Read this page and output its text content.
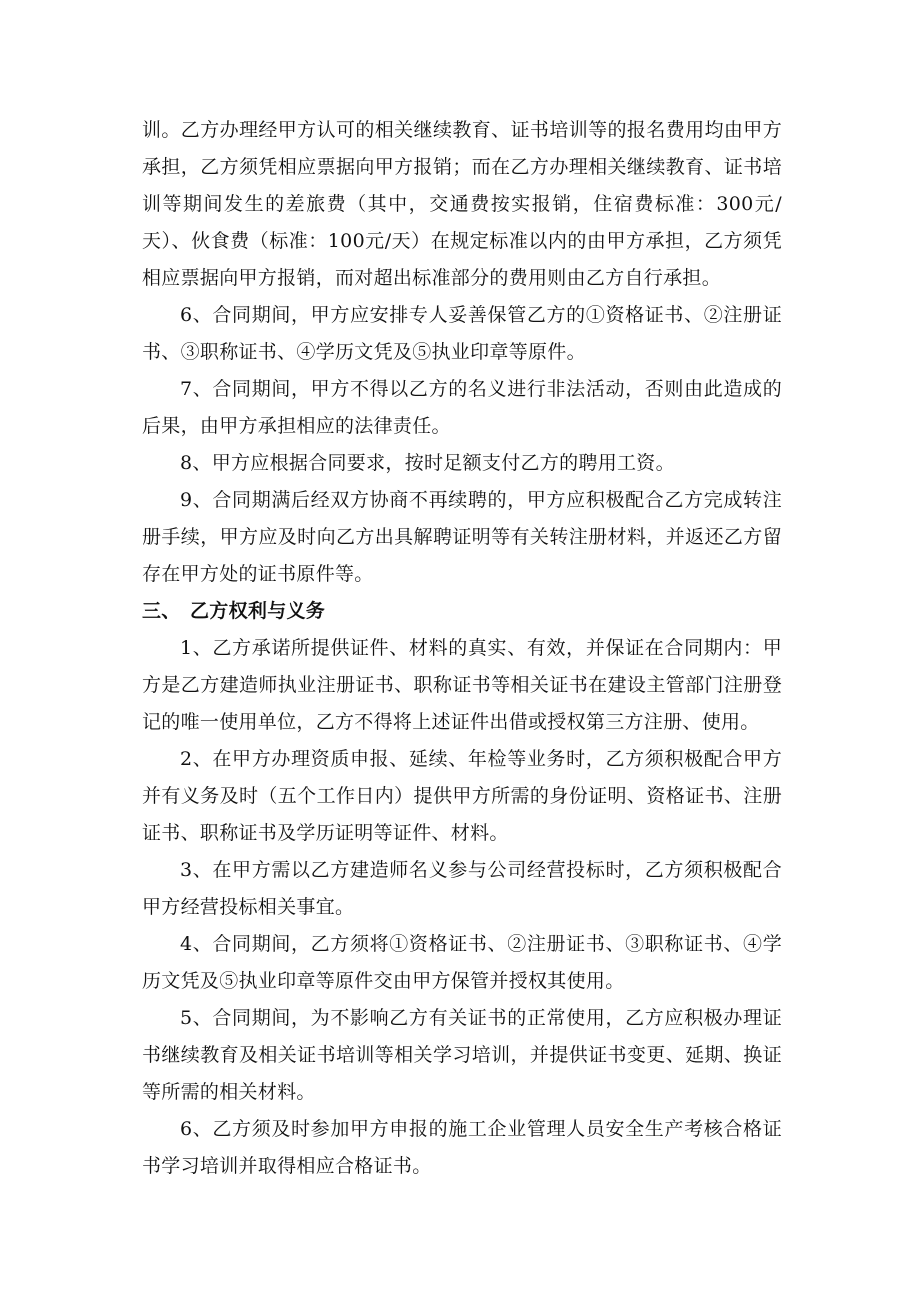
训。乙方办理经甲方认可的相关继续教育、证书培训等的报名费用均由甲方承担，乙方须凭相应票据向甲方报销；而在乙方办理相关继续教育、证书培训等期间发生的差旅费（其中，交通费按实报销，住宿费标准：300元/天）、伙食费（标准：100元/天）在规定标准以内的由甲方承担，乙方须凭相应票据向甲方报销，而对超出标准部分的费用则由乙方自行承担。

6、合同期间，甲方应安排专人妥善保管乙方的①资格证书、②注册证书、③职称证书、④学历文凭及⑤执业印章等原件。

7、合同期间，甲方不得以乙方的名义进行非法活动，否则由此造成的后果，由甲方承担相应的法律责任。

8、甲方应根据合同要求，按时足额支付乙方的聘用工资。

9、合同期满后经双方协商不再续聘的，甲方应积极配合乙方完成转注册手续，甲方应及时向乙方出具解聘证明等有关转注册材料，并返还乙方留存在甲方处的证书原件等。

三、 乙方权利与义务

1、乙方承诺所提供证件、材料的真实、有效，并保证在合同期内：甲方是乙方建造师执业注册证书、职称证书等相关证书在建设主管部门注册登记的唯一使用单位，乙方不得将上述证件出借或授权第三方注册、使用。

2、在甲方办理资质申报、延续、年检等业务时，乙方须积极配合甲方并有义务及时（五个工作日内）提供甲方所需的身份证明、资格证书、注册证书、职称证书及学历证明等证件、材料。

3、在甲方需以乙方建造师名义参与公司经营投标时，乙方须积极配合甲方经营投标相关事宜。

4、合同期间，乙方须将①资格证书、②注册证书、③职称证书、④学历文凭及⑤执业印章等原件交由甲方保管并授权其使用。

5、合同期间，为不影响乙方有关证书的正常使用，乙方应积极办理证书继续教育及相关证书培训等相关学习培训，并提供证书变更、延期、换证等所需的相关材料。

6、乙方须及时参加甲方申报的施工企业管理人员安全生产考核合格证书学习培训并取得相应合格证书。
